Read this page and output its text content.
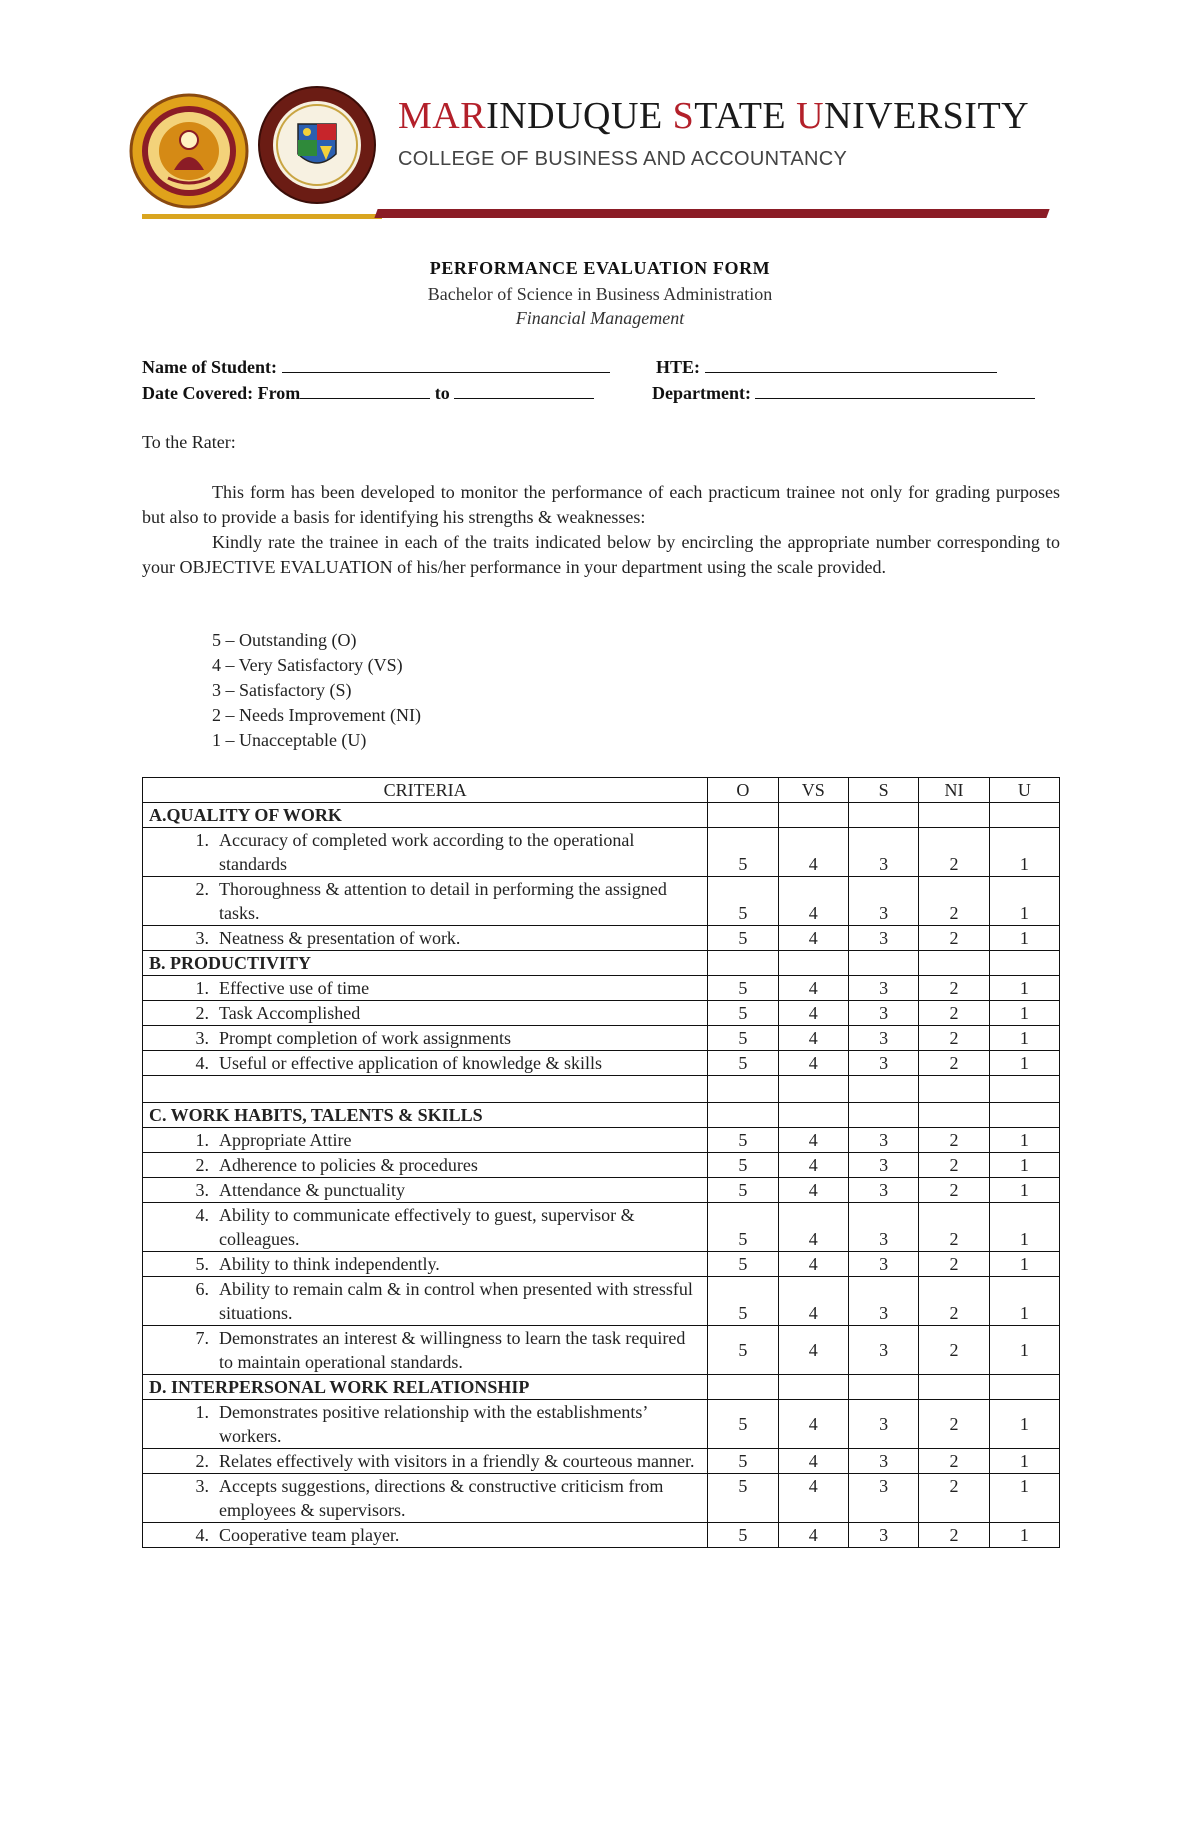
MARINDUQUE STATE UNIVERSITY
COLLEGE OF BUSINESS AND ACCOUNTANCY
PERFORMANCE EVALUATION FORM
Bachelor of Science in Business Administration
Financial Management
Name of Student:	HTE:
Date Covered: From	to	Department:
To the Rater:
This form has been developed to monitor the performance of each practicum trainee not only for grading purposes but also to provide a basis for identifying his strengths & weaknesses:
Kindly rate the trainee in each of the traits indicated below by encircling the appropriate number corresponding to your OBJECTIVE EVALUATION of his/her performance in your department using the scale provided.
5 – Outstanding (O)
4 – Very Satisfactory (VS)
3 – Satisfactory (S)
2 – Needs Improvement (NI)
1 – Unacceptable (U)
CRITERIA	O	VS	S	NI	U
A.QUALITY OF WORK					

1. Accuracy of completed work according to the operational standards	5	4	3	2	1

2. Thoroughness & attention to detail in performing the assigned tasks.	5	4	3	2	1

3. Neatness & presentation of work.	5	4	3	2	1
B. PRODUCTIVITY					

1. Effective use of time	5	4	3	2	1

2. Task Accomplished	5	4	3	2	1

3. Prompt completion of work assignments	5	4	3	2	1

4. Useful or effective application of knowledge & skills	5	4	3	2	1

C. WORK HABITS, TALENTS & SKILLS					

1. Appropriate Attire	5	4	3	2	1

2. Adherence to policies & procedures	5	4	3	2	1

3. Attendance & punctuality	5	4	3	2	1

4. Ability to communicate effectively to guest, supervisor & colleagues.	5	4	3	2	1

5. Ability to think independently.	5	4	3	2	1

6. Ability to remain calm & in control when presented with stressful situations.	5	4	3	2	1

7. Demonstrates an interest & willingness to learn the task required to maintain operational standards.	5	4	3	2	1
D. INTERPERSONAL WORK RELATIONSHIP					

1. Demonstrates positive relationship with the establishments’ workers.	5	4	3	2	1

2. Relates effectively with visitors in a friendly & courteous manner.	5	4	3	2	1

3. Accepts suggestions, directions & constructive criticism from employees & supervisors.	5	4	3	2	1

4. Cooperative team player.	5	4	3	2	1
